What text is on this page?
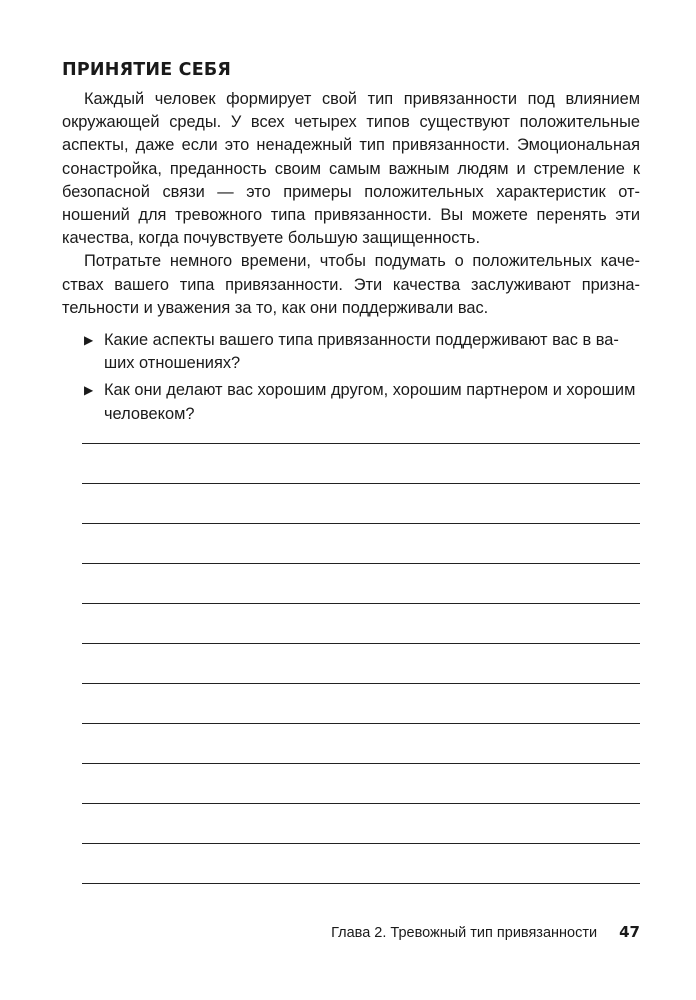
ПРИНЯТИЕ СЕБЯ

Каждый человек формирует свой тип привязанности под влиянием окружающей среды. У всех четырех типов существуют положительные аспекты, даже если это ненадежный тип привязанности. Эмоциональная сонастройка, преданность своим самым важным людям и стремление к безопасной связи — это примеры положительных характеристик отношений для тревожного типа привязанности. Вы можете перенять эти качества, когда почувствуете большую защищенность.

Потратьте немного времени, чтобы подумать о положительных качествах вашего типа привязанности. Эти качества заслуживают признательности и уважения за то, как они поддерживали вас.

▶ Какие аспекты вашего типа привязанности поддерживают вас в ваших отношениях?
▶ Как они делают вас хорошим другом, хорошим партнером и хорошим человеком?
Глава 2. Тревожный тип привязанности 47
